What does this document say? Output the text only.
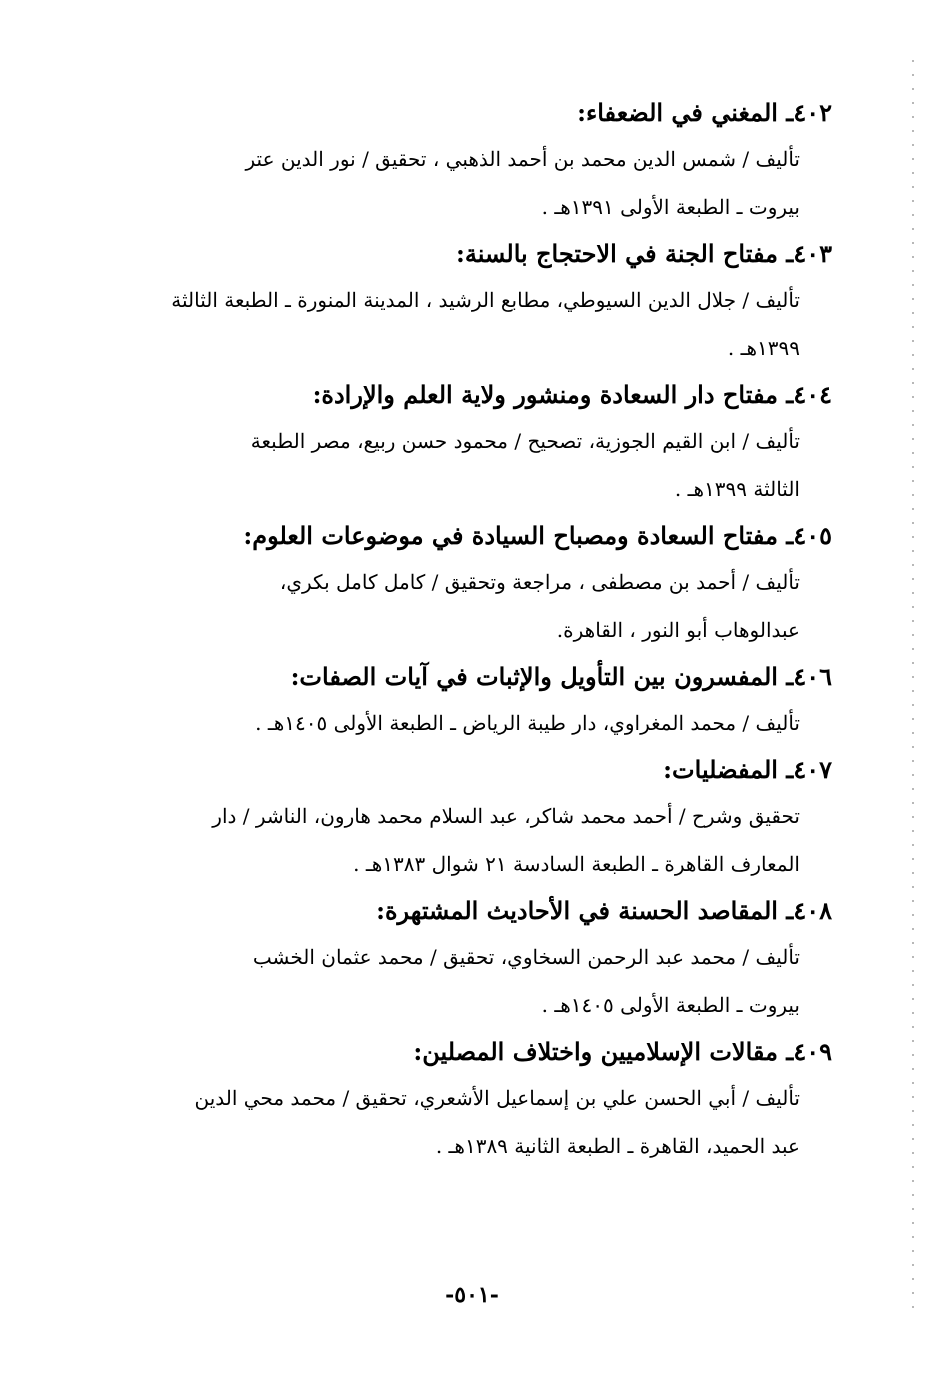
٤٠٢ـ المغني في الضعفاء:
تأليف / شمس الدين محمد بن أحمد الذهبي ، تحقيق / نور الدين عتر
بيروت ـ الطبعة الأولى ١٣٩١هـ .
٤٠٣ـ مفتاح الجنة في الاحتجاج بالسنة:
تأليف / جلال الدين السيوطي، مطابع الرشيد ، المدينة المنورة ـ الطبعة الثالثة
١٣٩٩هـ .
٤٠٤ـ مفتاح دار السعادة ومنشور ولاية العلم والإرادة:
تأليف / ابن القيم الجوزية، تصحيح / محمود حسن ربيع، مصر الطبعة
الثالثة ١٣٩٩هـ .
٤٠٥ـ مفتاح السعادة ومصباح السيادة في موضوعات العلوم:
تأليف / أحمد بن مصطفى ، مراجعة وتحقيق / كامل كامل بكري،
عبدالوهاب أبو النور ، القاهرة.
٤٠٦ـ المفسرون بين التأويل والإثبات في آيات الصفات:
تأليف / محمد المغراوي، دار طيبة الرياض ـ الطبعة الأولى ١٤٠٥هـ .
٤٠٧ـ المفضليات:
تحقيق وشرح / أحمد محمد شاكر، عبد السلام محمد هارون، الناشر / دار
المعارف القاهرة ـ الطبعة السادسة ٢١ شوال ١٣٨٣هـ .
٤٠٨ـ المقاصد الحسنة في الأحاديث المشتهرة:
تأليف / محمد عبد الرحمن السخاوي، تحقيق / محمد عثمان الخشب
بيروت ـ الطبعة الأولى ١٤٠٥هـ .
٤٠٩ـ مقالات الإسلاميين واختلاف المصلين:
تأليف / أبي الحسن علي بن إسماعيل الأشعري، تحقيق / محمد محي الدين
عبد الحميد، القاهرة ـ الطبعة الثانية ١٣٨٩هـ .
-٥٠١-
